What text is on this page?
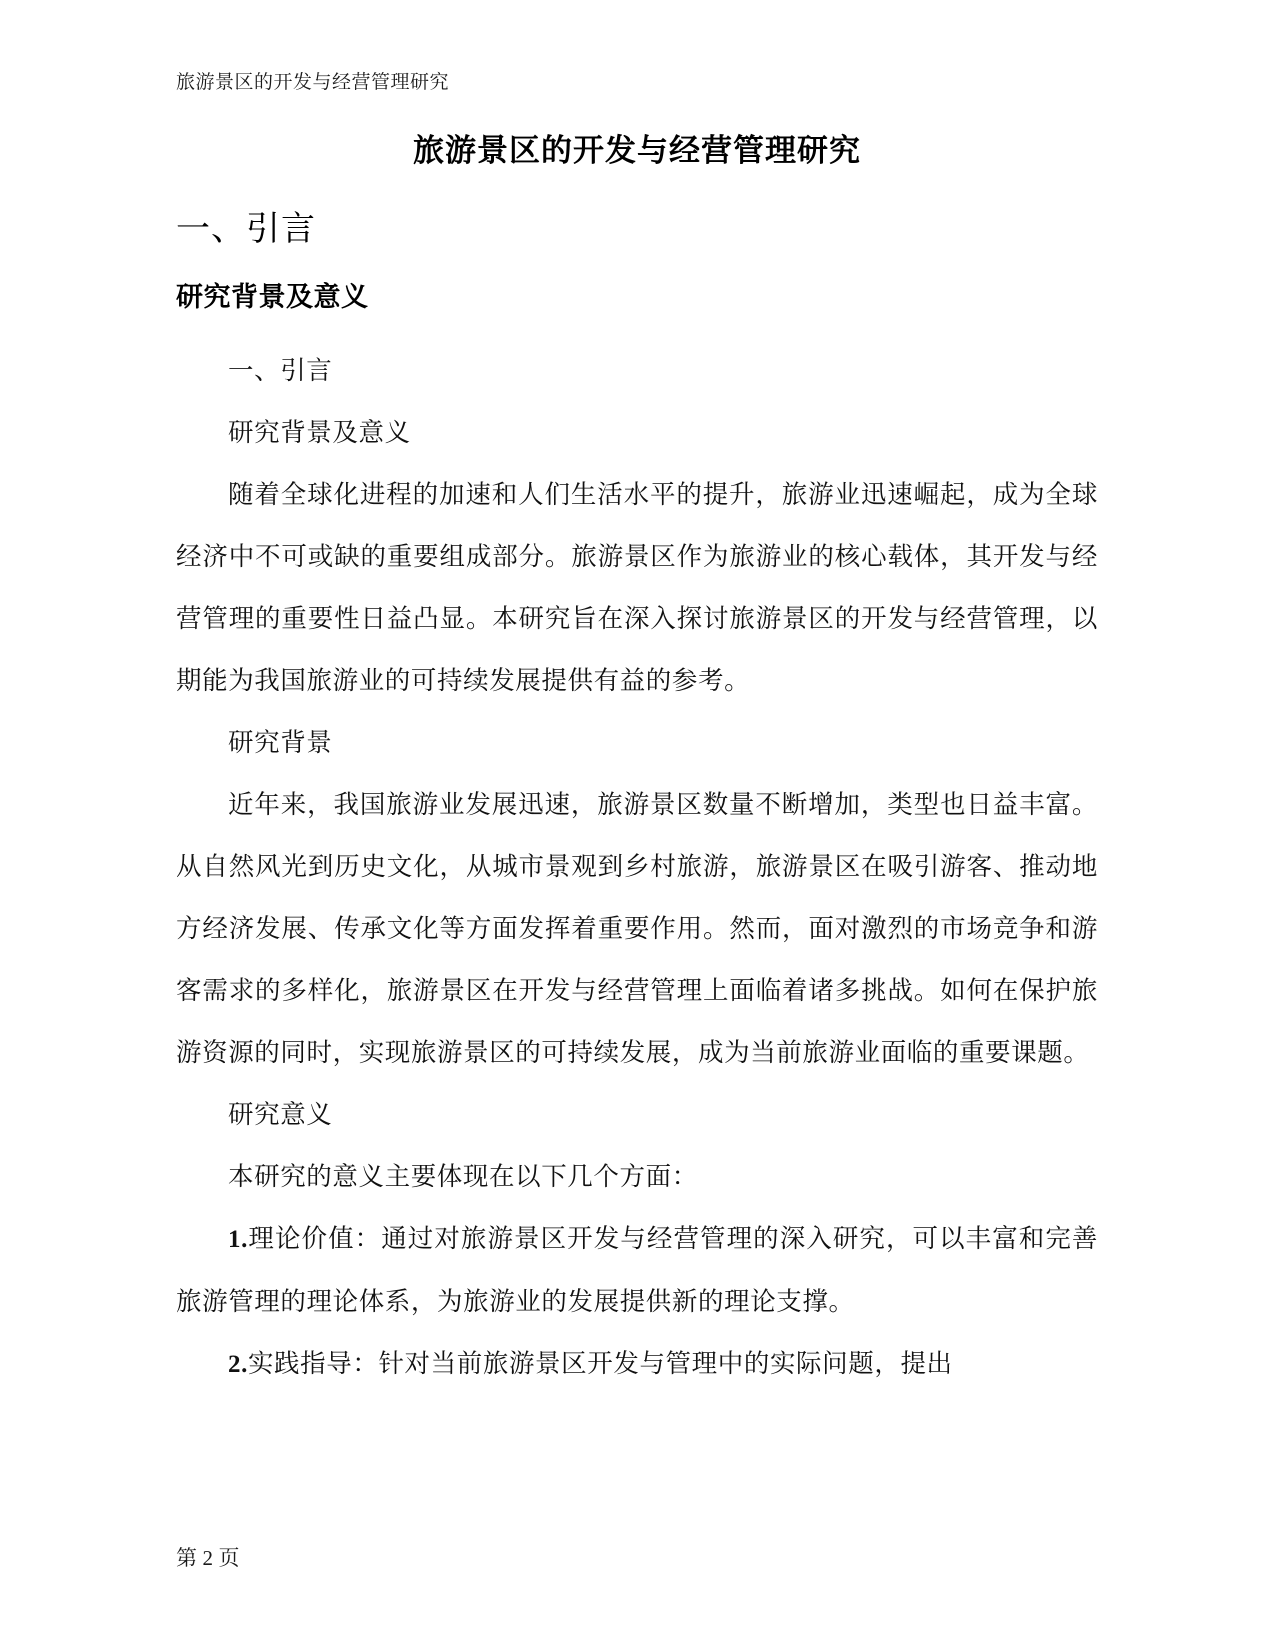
旅游景区的开发与经营管理研究
旅游景区的开发与经营管理研究
一、引言
研究背景及意义

一、引言

研究背景及意义

随着全球化进程的加速和人们生活水平的提升，旅游业迅速崛起，成为全球经济中不可或缺的重要组成部分。旅游景区作为旅游业的核心载体，其开发与经营管理的重要性日益凸显。本研究旨在深入探讨旅游景区的开发与经营管理，以期能为我国旅游业的可持续发展提供有益的参考。

研究背景

近年来，我国旅游业发展迅速，旅游景区数量不断增加，类型也日益丰富。从自然风光到历史文化，从城市景观到乡村旅游，旅游景区在吸引游客、推动地方经济发展、传承文化等方面发挥着重要作用。然而，面对激烈的市场竞争和游客需求的多样化，旅游景区在开发与经营管理上面临着诸多挑战。如何在保护旅游资源的同时，实现旅游景区的可持续发展，成为当前旅游业面临的重要课题。

研究意义

本研究的意义主要体现在以下几个方面：

1.理论价值：通过对旅游景区开发与经营管理的深入研究，可以丰富和完善旅游管理的理论体系，为旅游业的发展提供新的理论支撑。

2.实践指导：针对当前旅游景区开发与管理中的实际问题，提出

第 2 页
